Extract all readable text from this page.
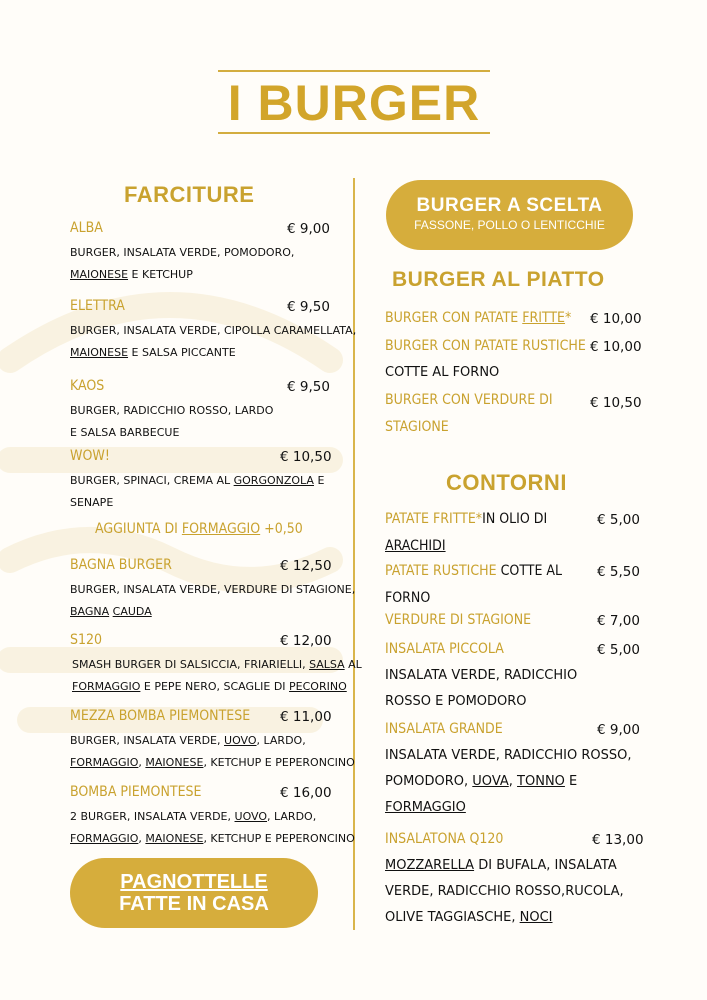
I BURGER
FARCITURE
ALBA	€ 9,00
BURGER, INSALATA VERDE, POMODORO,
MAIONESE E KETCHUP
ELETTRA	€ 9,50
BURGER, INSALATA VERDE, CIPOLLA CARAMELLATA,
MAIONESE E SALSA PICCANTE
KAOS	€ 9,50
BURGER, RADICCHIO ROSSO, LARDO
E SALSA BARBECUE
WOW!	€ 10,50
BURGER, SPINACI, CREMA AL GORGONZOLA E
SENAPE
AGGIUNTA DI FORMAGGIO +0,50
BAGNA BURGER	€ 12,50
BURGER, INSALATA VERDE, VERDURE DI STAGIONE,
BAGNA CAUDA
S120	€ 12,00
SMASH BURGER DI SALSICCIA, FRIARIELLI, SALSA AL
FORMAGGIO E PEPE NERO, SCAGLIE DI PECORINO
MEZZA BOMBA PIEMONTESE € 11,00
BURGER, INSALATA VERDE, UOVO, LARDO,
FORMAGGIO, MAIONESE, KETCHUP E PEPERONCINO
BOMBA PIEMONTESE	€ 16,00
2 BURGER, INSALATA VERDE, UOVO, LARDO,
FORMAGGIO, MAIONESE, KETCHUP E PEPERONCINO
PAGNOTTELLE
FATTE IN CASA
BURGER A SCELTA
FASSONE, POLLO O LENTICCHIE
BURGER AL PIATTO
BURGER CON PATATE FRITTE* € 10,00
BURGER CON PATATE RUSTICHE € 10,00
COTTE AL FORNO
BURGER CON VERDURE DI
STAGIONE
€ 10,50
CONTORNI
PATATE FRITTE*IN OLIO DI	€ 5,00
ARACHIDI
PATATE RUSTICHE COTTE AL	€ 5,50
FORNO
VERDURE DI STAGIONE	€ 7,00
INSALATA PICCOLA	€ 5,00
INSALATA VERDE, RADICCHIO
ROSSO E POMODORO
INSALATA GRANDE	€ 9,00
INSALATA VERDE, RADICCHIO ROSSO,
POMODORO, UOVA, TONNO E
FORMAGGIO
INSALATONA Q120	€ 13,00
MOZZARELLA DI BUFALA, INSALATA
VERDE, RADICCHIO ROSSO,RUCOLA,
OLIVE TAGGIASCHE, NOCI
